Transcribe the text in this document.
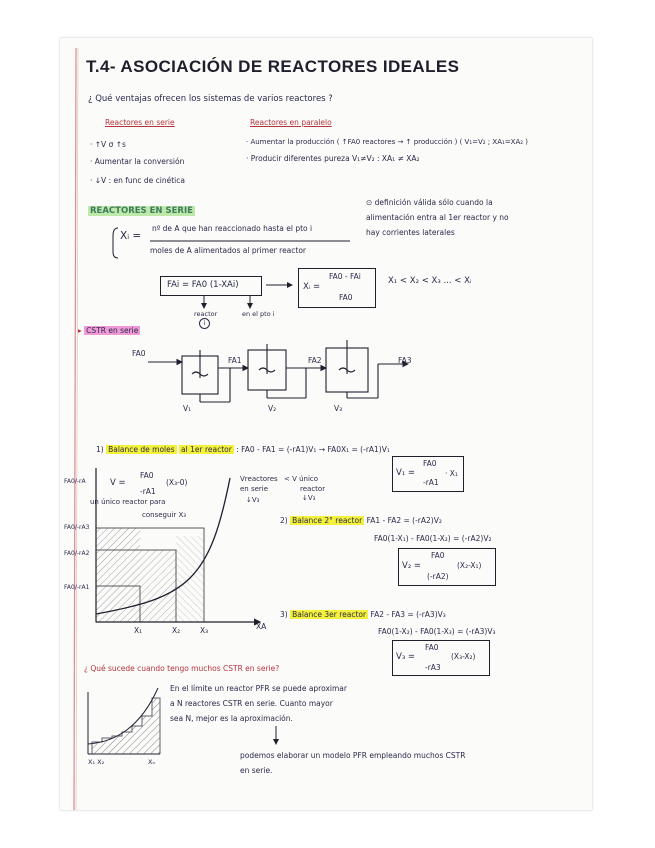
T.4- ASOCIACIÓN DE REACTORES IDEALES
¿ Qué ventajas ofrecen los sistemas de varios reactores ?
Reactores en serie
· ↑V σ ↑s
· Aumentar la conversión
· ↓V : en func de cinética
Reactores en paralelo
· Aumentar la producción ( ↑FA0 reactores → ↑ producción ) ( V₁=V₂ ; XA₁=XA₂ )
· Producir diferentes pureza V₁≠V₂ : XA₁ ≠ XA₂
REACTORES EN SERIE
⊙ definición válida sólo cuando la
alimentación entra al 1er reactor y no
hay corrientes laterales
Xᵢ =
nº de A que han reaccionado hasta el pto i
moles de A alimentados al primer reactor
FAi = FA0 (1-XAi)	Xᵢ =
FA0 - FAi
FA0
X₁ < X₂ < X₃ ... < Xᵢ
reactor	en el pto i
i
▸ CSTR en serie
FA0
FA1	FA2	FA3
V₁	V₂	V₃
1) Balance de moles al 1er reactor : FA0 - FA1 = (-rA1)V₁ → FA0X₁ = (-rA1)V₁
V₁ =
FA0
-rA1
· X₁
V =
FA0
-rA1
(X₃-0)
un único reactor para
conseguir X₃
Vreactores
en serie
↓V₃
< V único
reactor
↓V₃
2) Balance 2° reactor FA1 - FA2 = (-rA2)V₂
FA0(1-X₁) - FA0(1-X₂) = (-rA2)V₂
V₂ =
FA0
(-rA2)
(X₂-X₁)
3) Balance 3er reactor FA2 - FA3 = (-rA3)V₃
FA0(1-X₂) - FA0(1-X₃) = (-rA3)V₃
V₃ =
FA0
-rA3
(X₃-X₂)
FA0/-rA
FA0/-rA3
FA0/-rA2
FA0/-rA1
X₁	X₂	X₃	XA
¿ Qué sucede cuando tengo muchos CSTR en serie?
En el límite un reactor PFR se puede aproximar
a N reactores CSTR en serie. Cuanto mayor
sea N, mejor es la aproximación.
podemos elaborar un modelo PFR empleando muchos CSTR
en serie.
X₁ X₂	Xₙ
